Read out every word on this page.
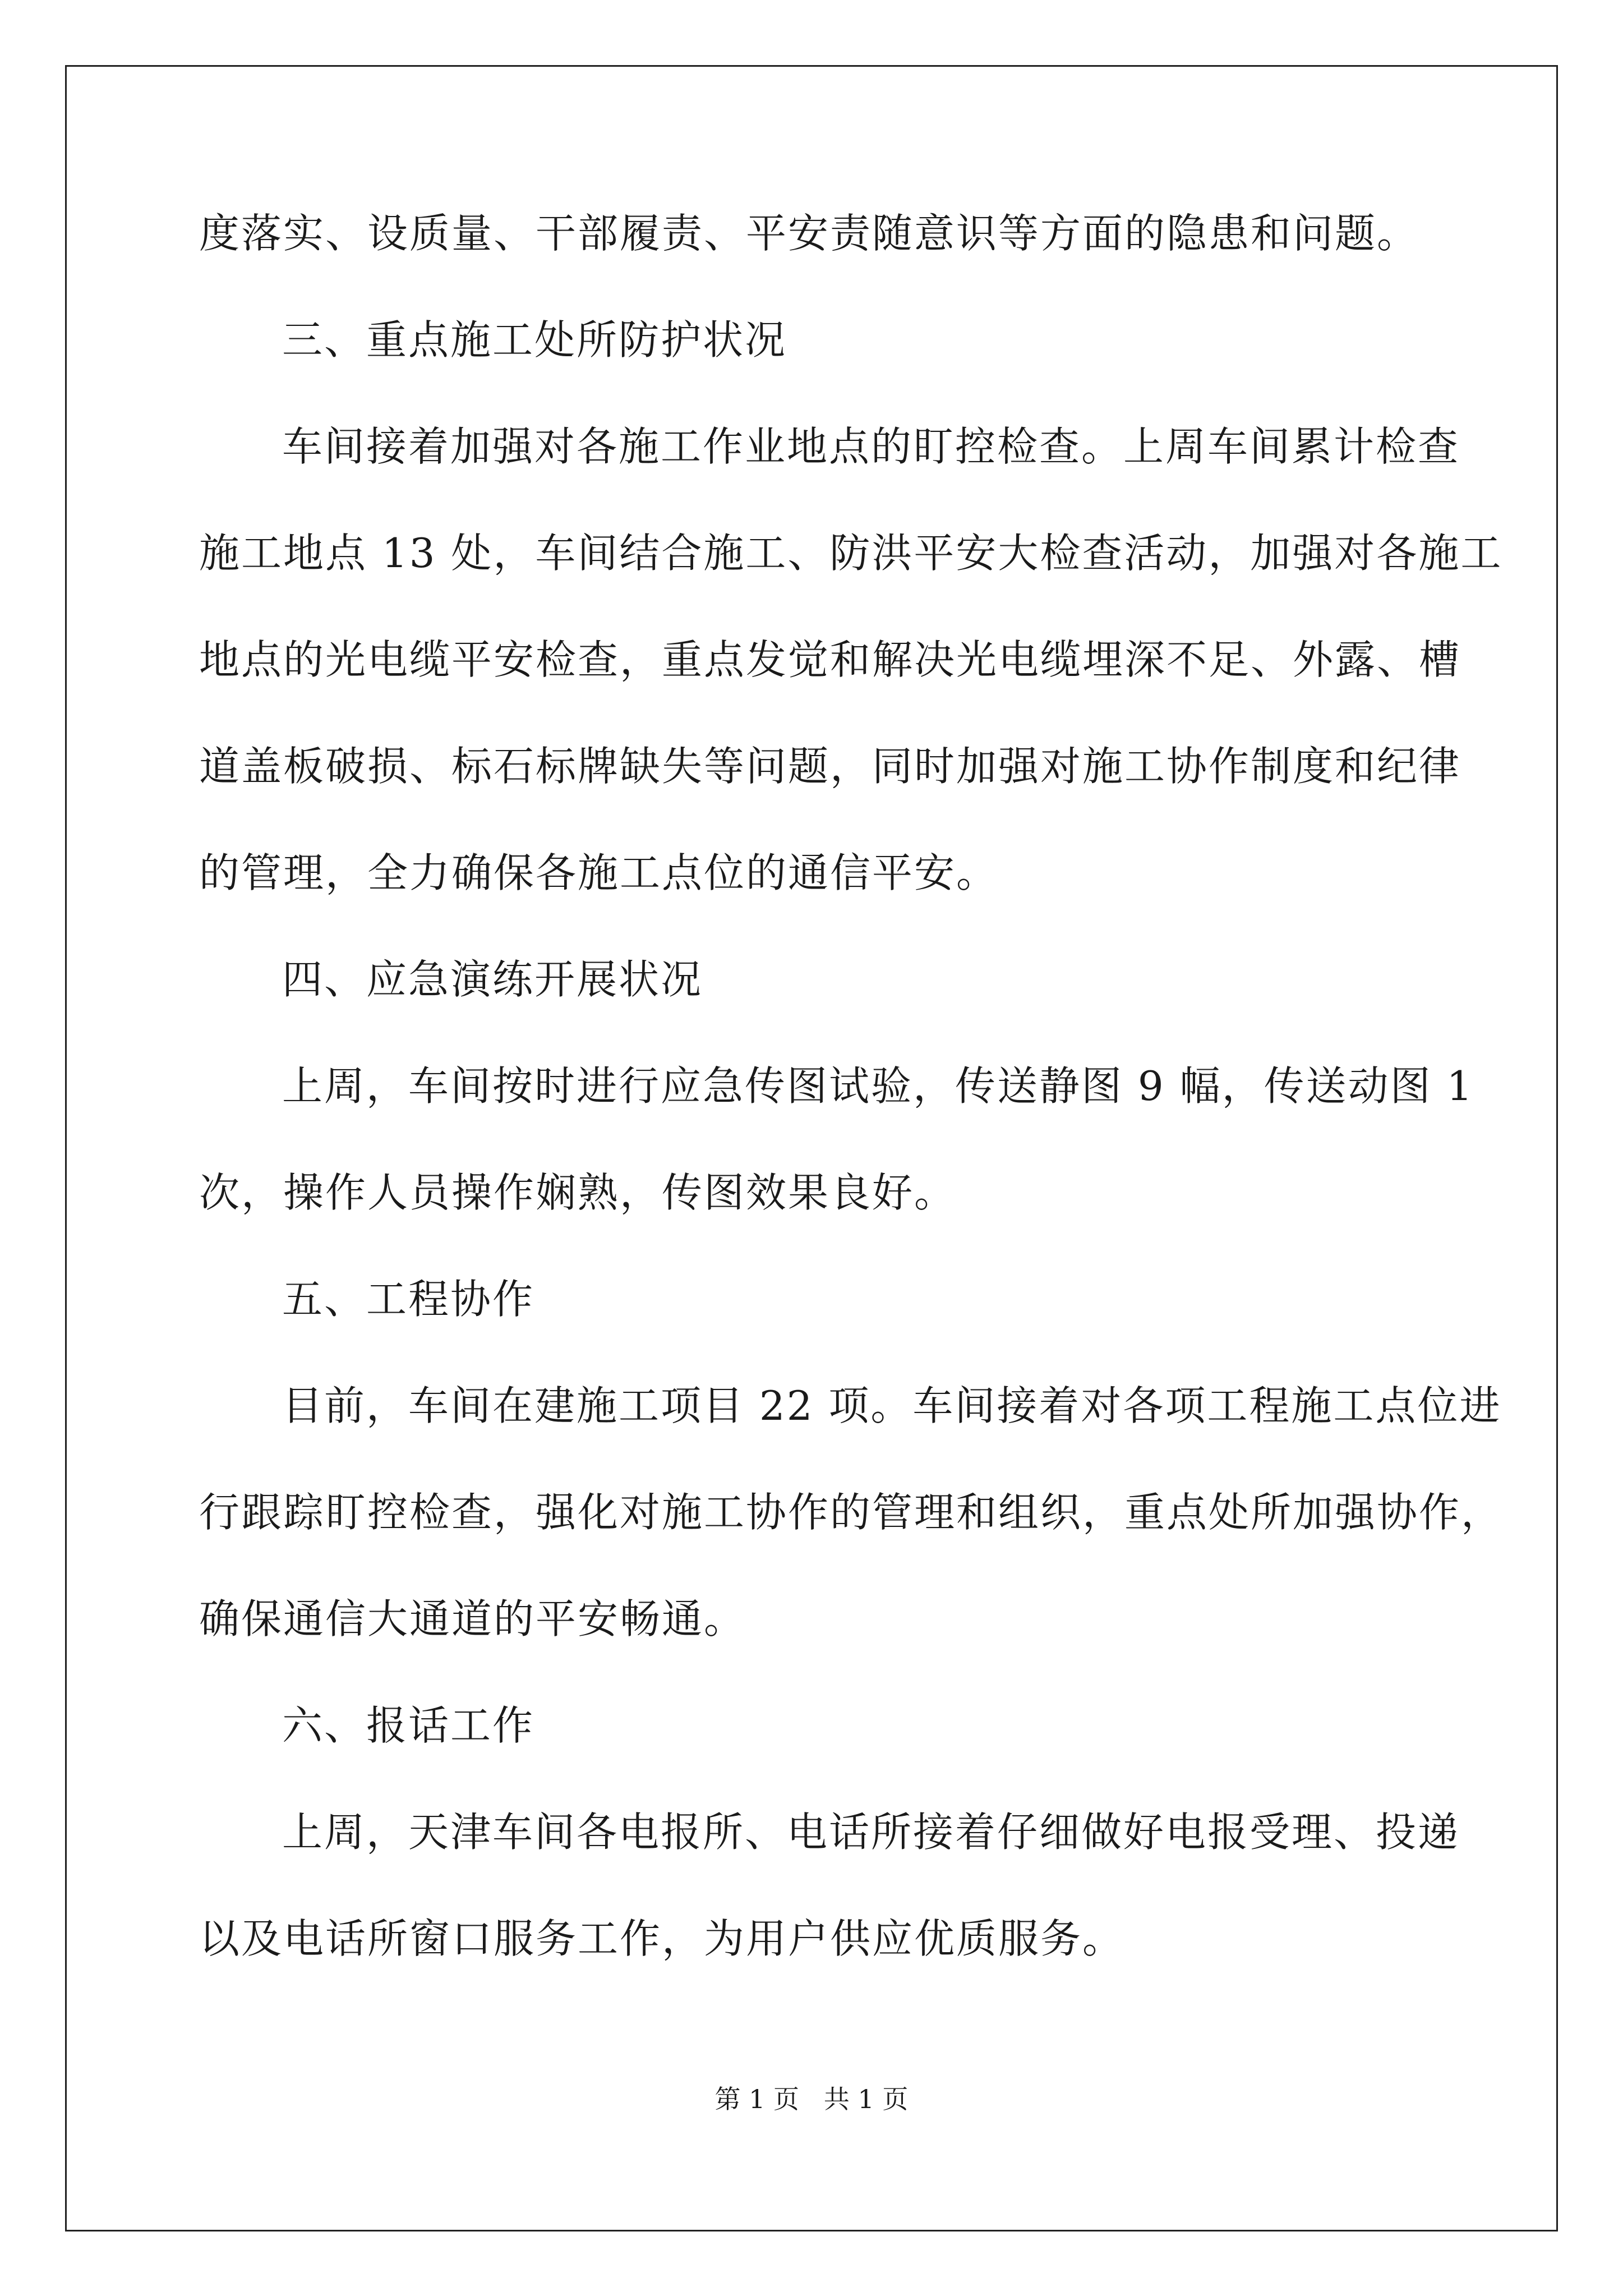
度落实、设质量、干部履责、平安责随意识等方面的隐患和问题。
三、重点施工处所防护状况
车间接着加强对各施工作业地点的盯控检查。上周车间累计检查
施工地点 13 处，车间结合施工、防洪平安大检查活动，加强对各施工
地点的光电缆平安检查，重点发觉和解决光电缆埋深不足、外露、槽
道盖板破损、标石标牌缺失等问题，同时加强对施工协作制度和纪律
的管理，全力确保各施工点位的通信平安。
四、应急演练开展状况
上周，车间按时进行应急传图试验，传送静图 9 幅，传送动图 1
次，操作人员操作娴熟，传图效果良好。
五、工程协作
目前，车间在建施工项目 22 项。车间接着对各项工程施工点位进
行跟踪盯控检查，强化对施工协作的管理和组织，重点处所加强协作，
确保通信大通道的平安畅通。
六、报话工作
上周，天津车间各电报所、电话所接着仔细做好电报受理、投递
以及电话所窗口服务工作，为用户供应优质服务。
第 1 页   共 1 页
